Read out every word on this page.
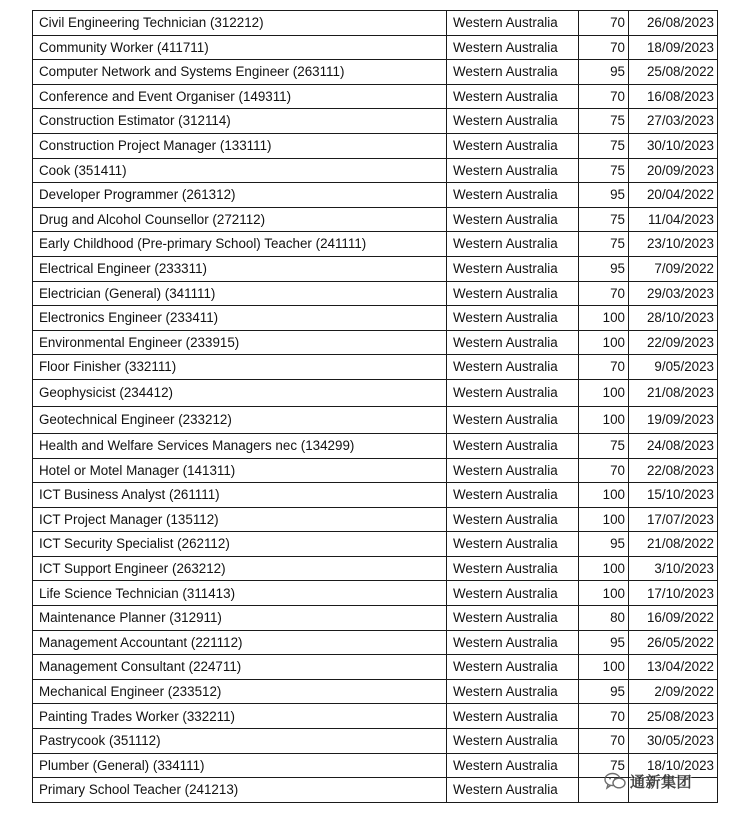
Civil Engineering Technician (312212)	Western Australia	70	26/08/2023
Community Worker (411711)	Western Australia	70	18/09/2023
Computer Network and Systems Engineer (263111)	Western Australia	95	25/08/2022
Conference and Event Organiser (149311)	Western Australia	70	16/08/2023
Construction Estimator (312114)	Western Australia	75	27/03/2023
Construction Project Manager (133111)	Western Australia	75	30/10/2023
Cook (351411)	Western Australia	75	20/09/2023
Developer Programmer (261312)	Western Australia	95	20/04/2022
Drug and Alcohol Counsellor (272112)	Western Australia	75	11/04/2023
Early Childhood (Pre-primary School) Teacher (241111)	Western Australia	75	23/10/2023
Electrical Engineer (233311)	Western Australia	95	7/09/2022
Electrician (General) (341111)	Western Australia	70	29/03/2023
Electronics Engineer (233411)	Western Australia	100	28/10/2023
Environmental Engineer (233915)	Western Australia	100	22/09/2023
Floor Finisher (332111)	Western Australia	70	9/05/2023
Geophysicist (234412)	Western Australia	100	21/08/2023
Geotechnical Engineer (233212)	Western Australia	100	19/09/2023
Health and Welfare Services Managers nec (134299)	Western Australia	75	24/08/2023
Hotel or Motel Manager (141311)	Western Australia	70	22/08/2023
ICT Business Analyst (261111)	Western Australia	100	15/10/2023
ICT Project Manager (135112)	Western Australia	100	17/07/2023
ICT Security Specialist (262112)	Western Australia	95	21/08/2022
ICT Support Engineer (263212)	Western Australia	100	3/10/2023
Life Science Technician (311413)	Western Australia	100	17/10/2023
Maintenance Planner (312911)	Western Australia	80	16/09/2022
Management Accountant (221112)	Western Australia	95	26/05/2022
Management Consultant (224711)	Western Australia	100	13/04/2022
Mechanical Engineer (233512)	Western Australia	95	2/09/2022
Painting Trades Worker (332211)	Western Australia	70	25/08/2023
Pastrycook (351112)	Western Australia	70	30/05/2023
Plumber (General) (334111)	Western Australia	75	18/10/2023
Primary School Teacher (241213)	Western Australia			通新集团
